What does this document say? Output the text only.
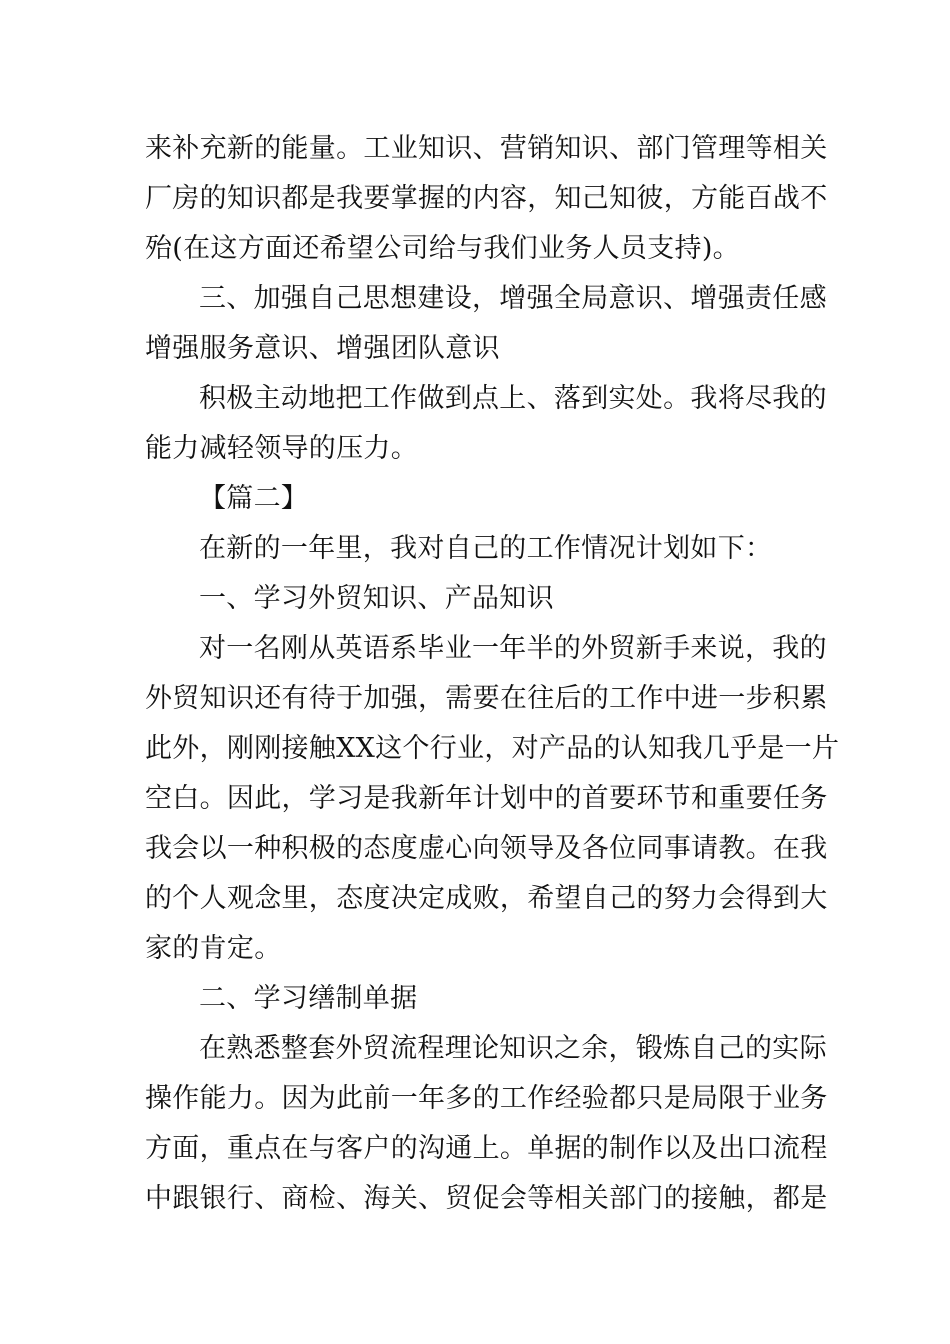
来补充新的能量。工业知识、营销知识、部门管理等相关
厂房的知识都是我要掌握的内容，知己知彼，方能百战不
殆(在这方面还希望公司给与我们业务人员支持)。
三、加强自己思想建设，增强全局意识、增强责任感
增强服务意识、增强团队意识
积极主动地把工作做到点上、落到实处。我将尽我的
能力减轻领导的压力。
【篇二】
在新的一年里，我对自己的工作情况计划如下：
一、学习外贸知识、产品知识
对一名刚从英语系毕业一年半的外贸新手来说，我的
外贸知识还有待于加强，需要在往后的工作中进一步积累
此外，刚刚接触XX这个行业，对产品的认知我几乎是一片
空白。因此，学习是我新年计划中的首要环节和重要任务
我会以一种积极的态度虚心向领导及各位同事请教。在我
的个人观念里，态度决定成败，希望自己的努力会得到大
家的肯定。
二、学习缮制单据
在熟悉整套外贸流程理论知识之余，锻炼自己的实际
操作能力。因为此前一年多的工作经验都只是局限于业务
方面，重点在与客户的沟通上。单据的制作以及出口流程
中跟银行、商检、海关、贸促会等相关部门的接触，都是
